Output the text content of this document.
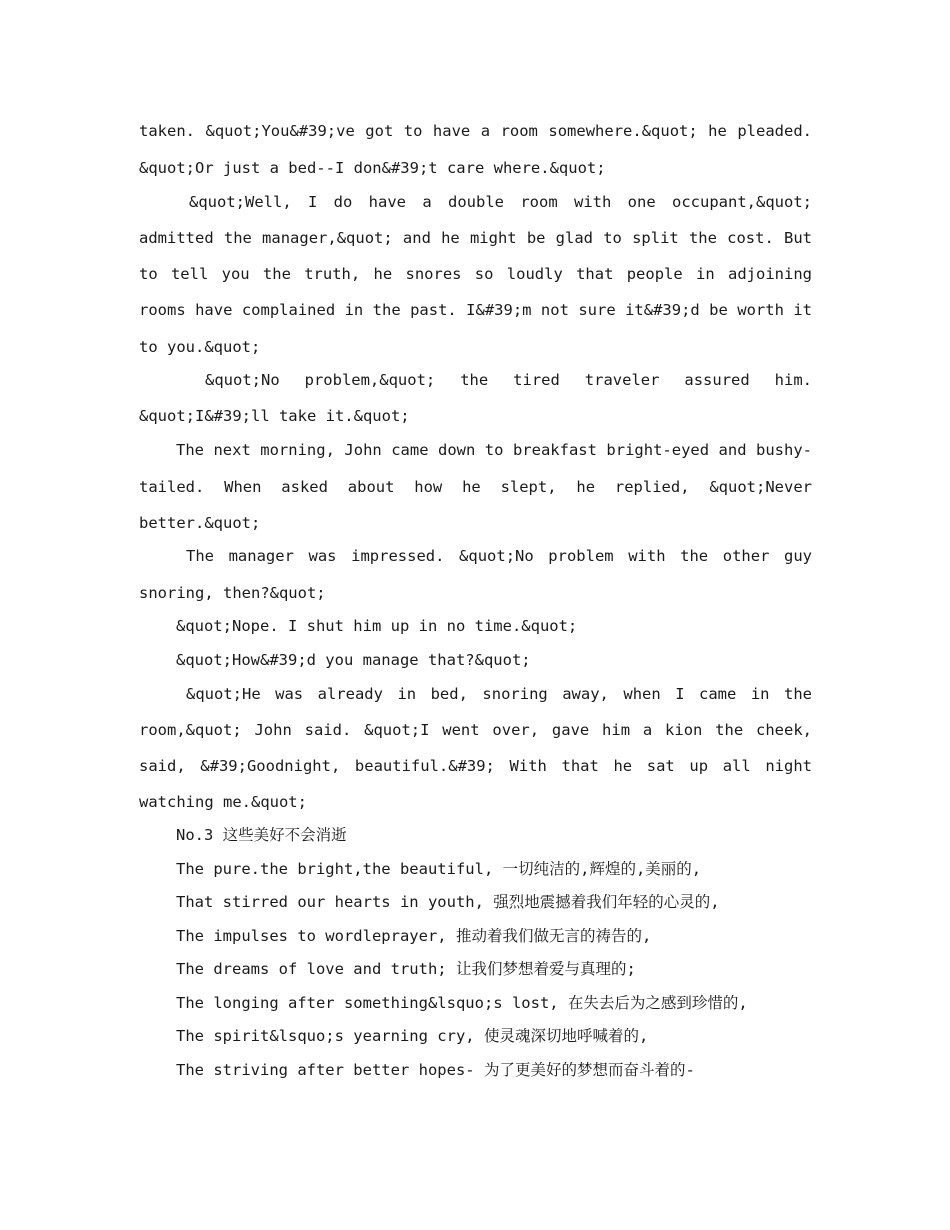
taken. &quot;You&#39;ve got to have a room somewhere.&quot; he pleaded.
&quot;Or just a bed--I don&#39;t care where.&quot;
&quot;Well, I do have a double room with one occupant,&quot;
admitted the manager,&quot; and he might be glad to split the cost. But
to tell you the truth, he snores so loudly that people in adjoining
rooms have complained in the past. I&#39;m not sure it&#39;d be worth it
to you.&quot;
&quot;No problem,&quot; the tired traveler assured him.
&quot;I&#39;ll take it.&quot;
The next morning, John came down to breakfast bright-eyed and bushy-
tailed. When asked about how he slept, he replied, &quot;Never
better.&quot;
The manager was impressed. &quot;No problem with the other guy
snoring, then?&quot;
&quot;Nope. I shut him up in no time.&quot;
&quot;How&#39;d you manage that?&quot;
&quot;He was already in bed, snoring away, when I came in the
room,&quot; John said. &quot;I went over, gave him a kion the cheek,
said, &#39;Goodnight, beautiful.&#39; With that he sat up all night
watching me.&quot;
No.3 这些美好不会消逝
The pure.the bright,the beautiful, 一切纯洁的,辉煌的,美丽的,
That stirred our hearts in youth, 强烈地震撼着我们年轻的心灵的,
The impulses to wordleprayer, 推动着我们做无言的祷告的,
The dreams of love and truth; 让我们梦想着爱与真理的;
The longing after something&lsquo;s lost, 在失去后为之感到珍惜的,
The spirit&lsquo;s yearning cry, 使灵魂深切地呼喊着的,
The striving after better hopes- 为了更美好的梦想而奋斗着的-
